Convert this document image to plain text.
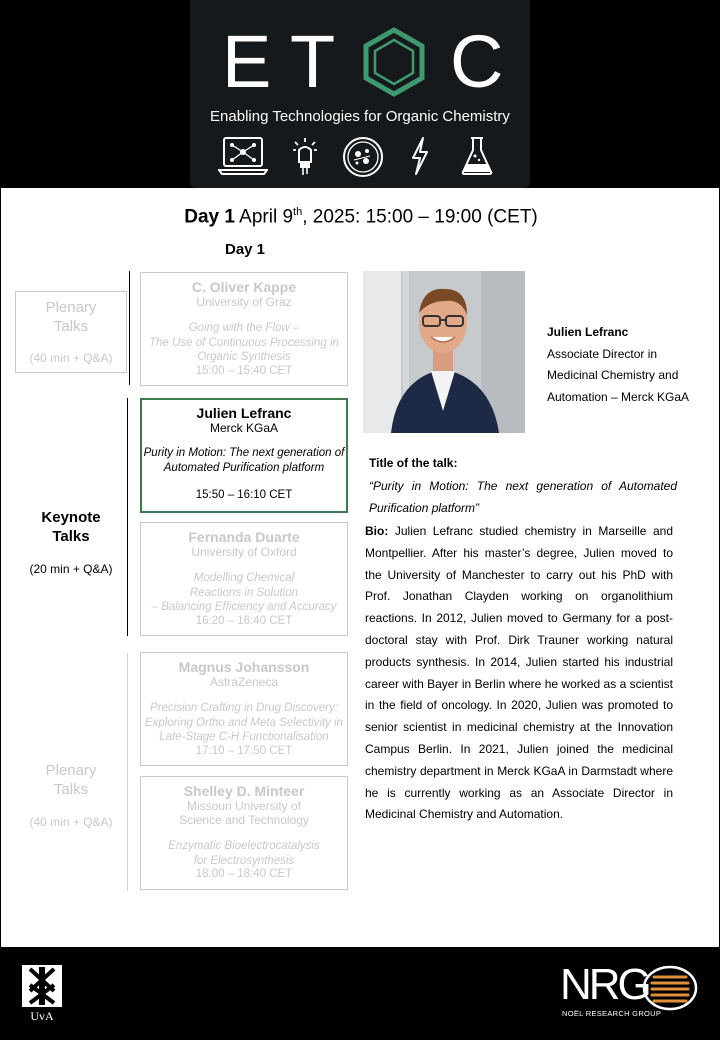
E T C
Enabling Technologies for Organic Chemistry
Day 1 April 9th, 2025: 15:00 – 19:00 (CET)
Day 1
Plenary
Talks
(40 min + Q&A)
Keynote
Talks
(20 min + Q&A)
Plenary
Talks
(40 min + Q&A)
C. Oliver Kappe
University of Graz
Going with the Flow –
The Use of Continuous Processing in
Organic Synthesis
15:00 – 15:40 CET
Julien Lefranc
Merck KGaA
Purity in Motion: The next generation of
Automated Purification platform
15:50 – 16:10 CET
Fernanda Duarte
University of Oxford
Modelling Chemical
Reactions in Solution
– Balancing Efficiency and Accuracy
16:20 – 16:40 CET
Magnus Johansson
AstraZeneca
Precision Crafting in Drug Discovery:
Exploring Ortho and Meta Selectivity in
Late-Stage C-H Functionalisation
17:10 – 17:50 CET
Shelley D. Minteer
Missouri University of
Science and Technology
Enzymatic Bioelectrocatalysis
for Electrosynthesis
18:00 – 18:40 CET
Julien Lefranc
Associate Director in
Medicinal Chemistry and
Automation – Merck KGaA
Title of the talk:
“Purity in Motion: The next generation of Automated Purification platform”
Bio: Julien Lefranc studied chemistry in Marseille and Montpellier. After his master’s degree, Julien moved to the University of Manchester to carry out his PhD with Prof. Jonathan Clayden working on organolithium reactions. In 2012, Julien moved to Germany for a post-doctoral stay with Prof. Dirk Trauner working natural products synthesis. In 2014, Julien started his industrial career with Bayer in Berlin where he worked as a scientist in the field of oncology. In 2020, Julien was promoted to senior scientist in medicinal chemistry at the Innovation Campus Berlin. In 2021, Julien joined the medicinal chemistry department in Merck KGaA in Darmstadt where he is currently working as an Associate Director in Medicinal Chemistry and Automation.
UvA
NRG
NOËL RESEARCH GROUP
